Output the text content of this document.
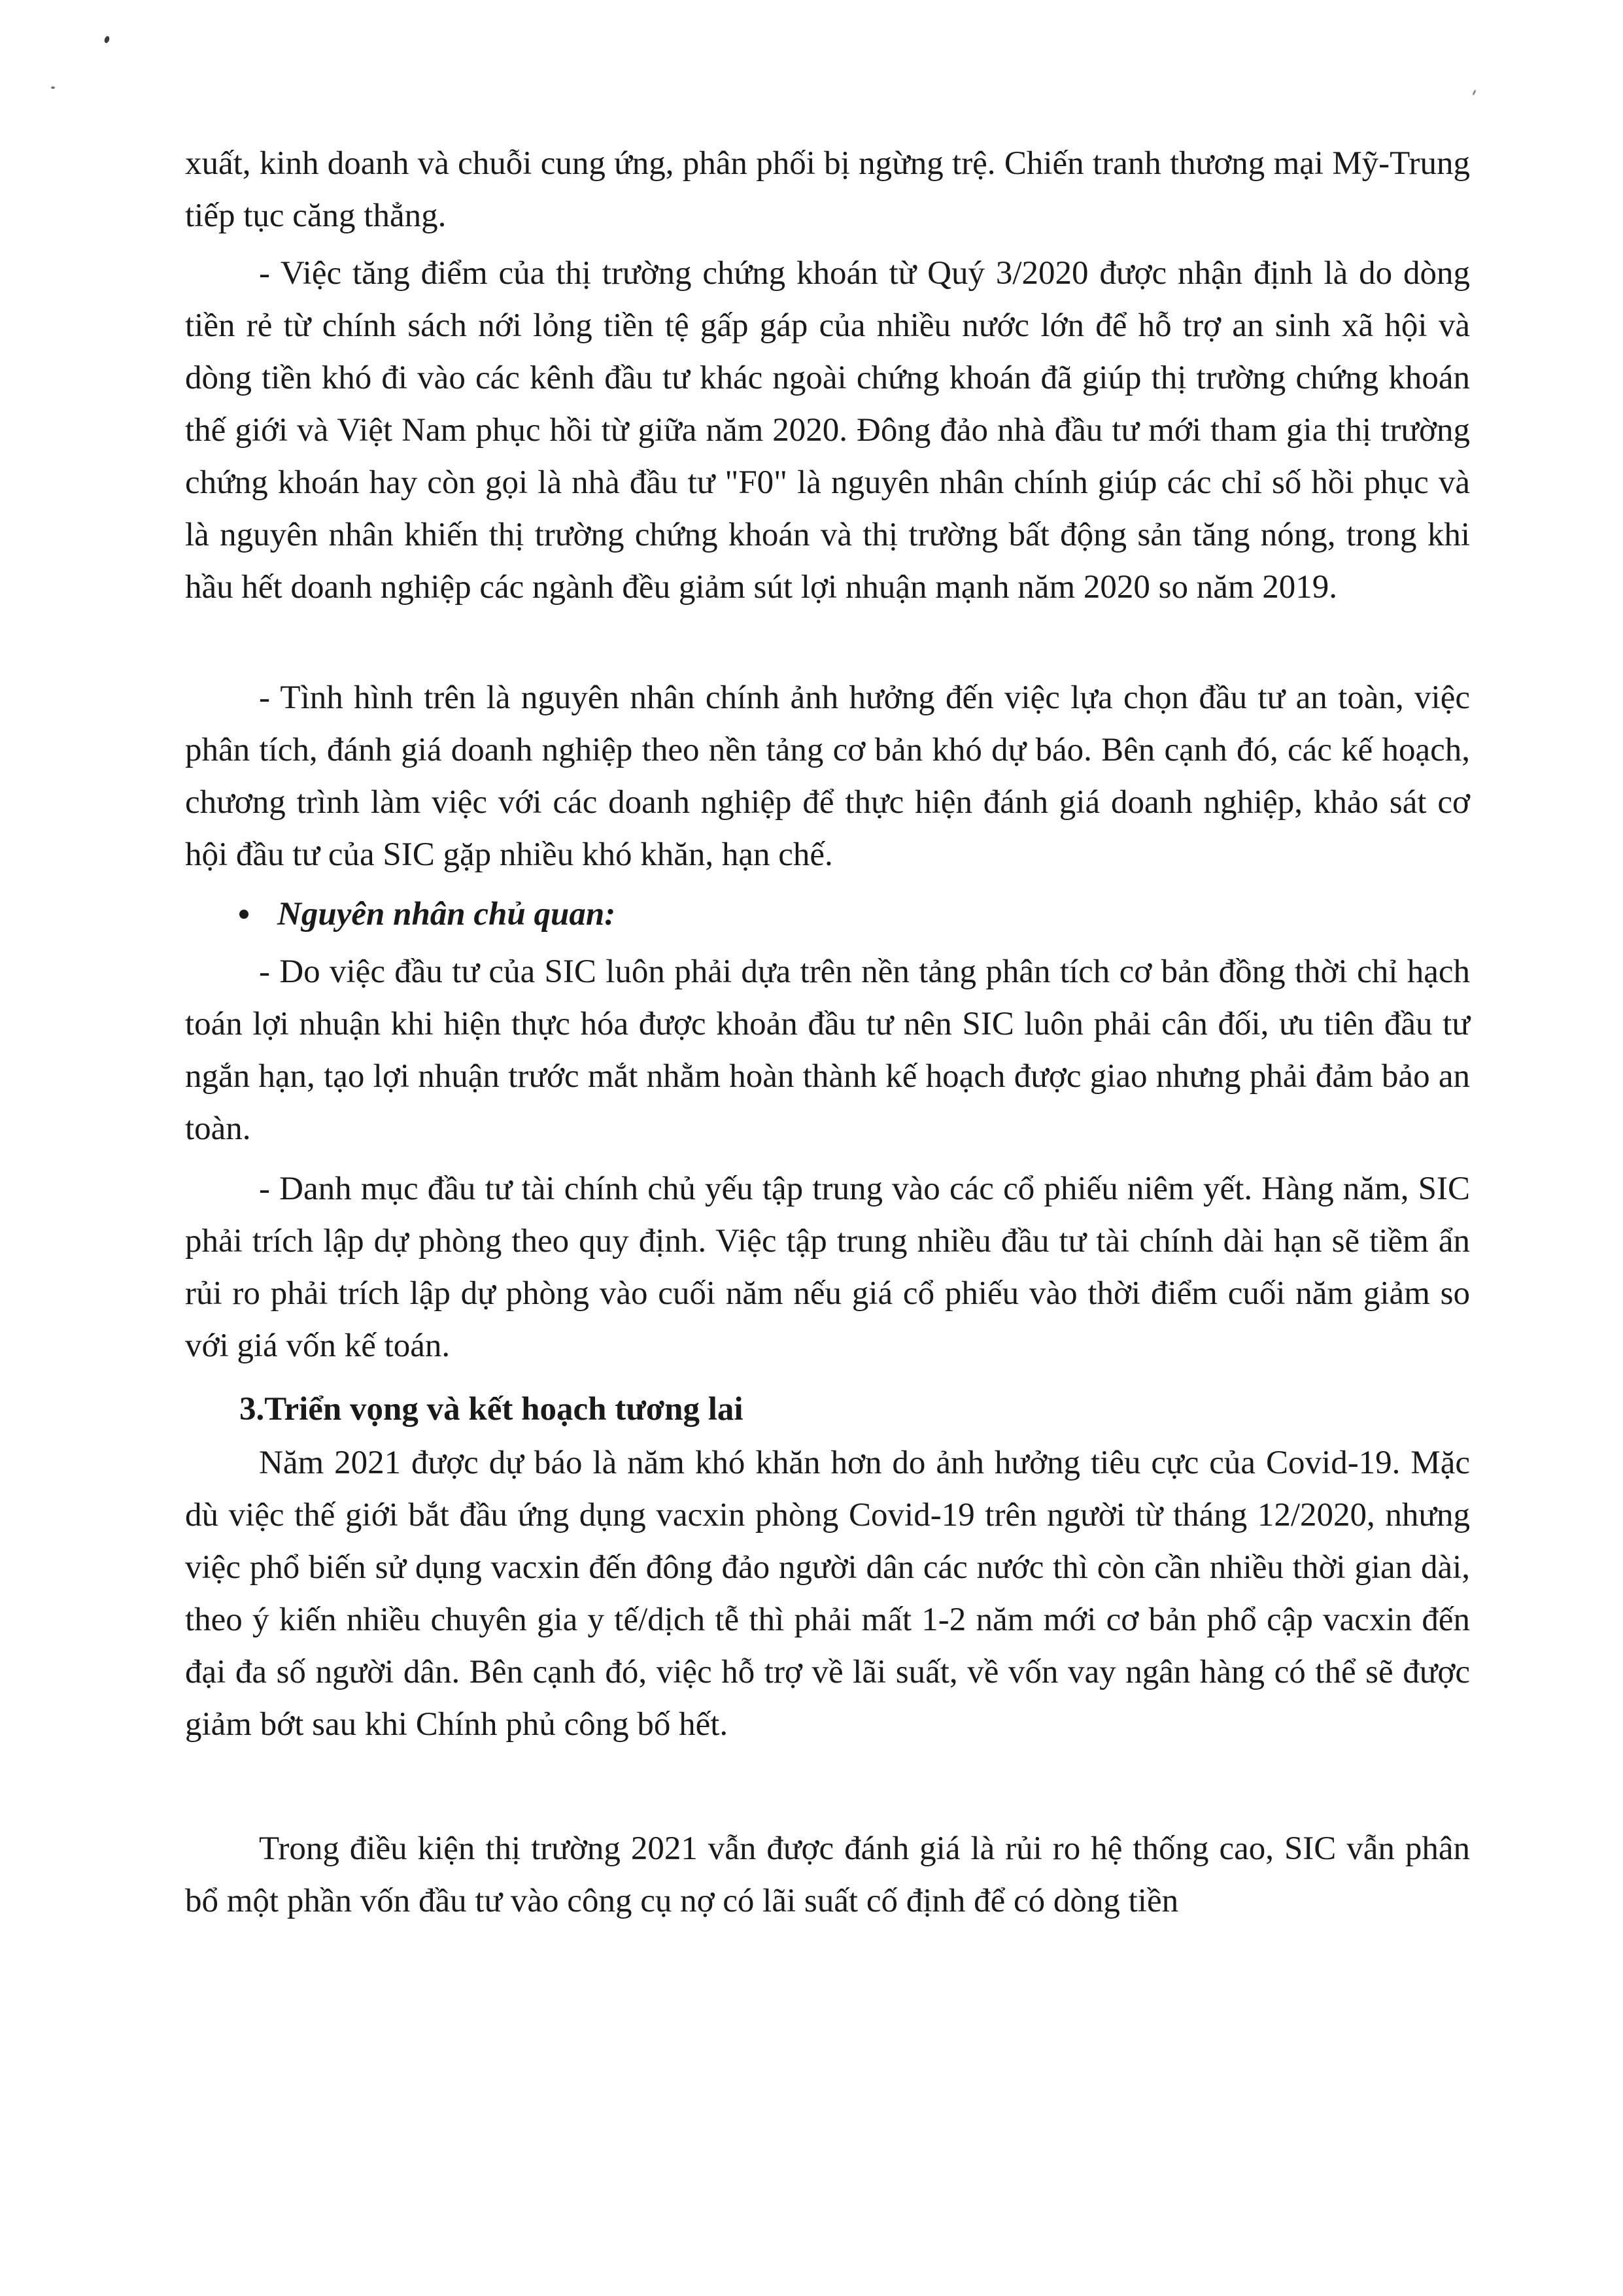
xuất, kinh doanh và chuỗi cung ứng, phân phối bị ngừng trệ. Chiến tranh thương mại Mỹ-Trung tiếp tục căng thẳng.

- Việc tăng điểm của thị trường chứng khoán từ Quý 3/2020 được nhận định là do dòng tiền rẻ từ chính sách nới lỏng tiền tệ gấp gáp của nhiều nước lớn để hỗ trợ an sinh xã hội và dòng tiền khó đi vào các kênh đầu tư khác ngoài chứng khoán đã giúp thị trường chứng khoán thế giới và Việt Nam phục hồi từ giữa năm 2020. Đông đảo nhà đầu tư mới tham gia thị trường chứng khoán hay còn gọi là nhà đầu tư "F0" là nguyên nhân chính giúp các chỉ số hồi phục và là nguyên nhân khiến thị trường chứng khoán và thị trường bất động sản tăng nóng, trong khi hầu hết doanh nghiệp các ngành đều giảm sút lợi nhuận mạnh năm 2020 so năm 2019.

- Tình hình trên là nguyên nhân chính ảnh hưởng đến việc lựa chọn đầu tư an toàn, việc phân tích, đánh giá doanh nghiệp theo nền tảng cơ bản khó dự báo. Bên cạnh đó, các kế hoạch, chương trình làm việc với các doanh nghiệp để thực hiện đánh giá doanh nghiệp, khảo sát cơ hội đầu tư của SIC gặp nhiều khó khăn, hạn chế.

Nguyên nhân chủ quan:

- Do việc đầu tư của SIC luôn phải dựa trên nền tảng phân tích cơ bản đồng thời chỉ hạch toán lợi nhuận khi hiện thực hóa được khoản đầu tư nên SIC luôn phải cân đối, ưu tiên đầu tư ngắn hạn, tạo lợi nhuận trước mắt nhằm hoàn thành kế hoạch được giao nhưng phải đảm bảo an toàn.

- Danh mục đầu tư tài chính chủ yếu tập trung vào các cổ phiếu niêm yết. Hàng năm, SIC phải trích lập dự phòng theo quy định. Việc tập trung nhiều đầu tư tài chính dài hạn sẽ tiềm ẩn rủi ro phải trích lập dự phòng vào cuối năm nếu giá cổ phiếu vào thời điểm cuối năm giảm so với giá vốn kế toán.

3.Triển vọng và kết hoạch tương lai

Năm 2021 được dự báo là năm khó khăn hơn do ảnh hưởng tiêu cực của Covid-19. Mặc dù việc thế giới bắt đầu ứng dụng vacxin phòng Covid-19 trên người từ tháng 12/2020, nhưng việc phổ biến sử dụng vacxin đến đông đảo người dân các nước thì còn cần nhiều thời gian dài, theo ý kiến nhiều chuyên gia y tế/dịch tễ thì phải mất 1-2 năm mới cơ bản phổ cập vacxin đến đại đa số người dân. Bên cạnh đó, việc hỗ trợ về lãi suất, về vốn vay ngân hàng có thể sẽ được giảm bớt sau khi Chính phủ công bố hết.

Trong điều kiện thị trường 2021 vẫn được đánh giá là rủi ro hệ thống cao, SIC vẫn phân bổ một phần vốn đầu tư vào công cụ nợ có lãi suất cố định để có dòng tiền
